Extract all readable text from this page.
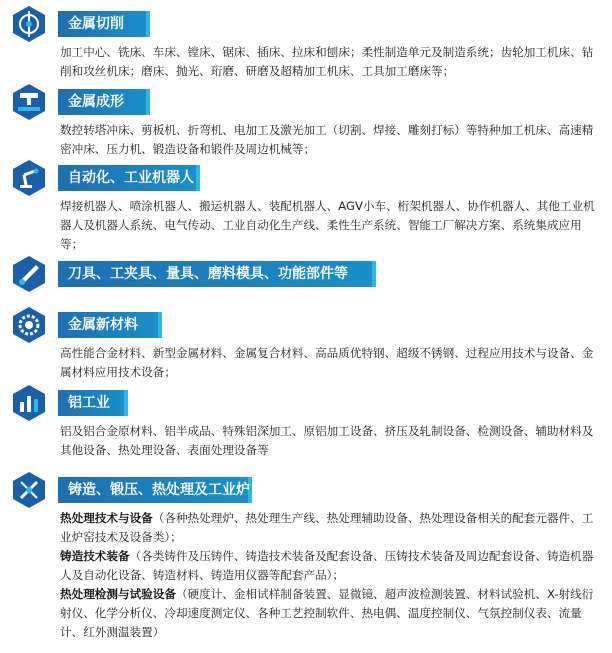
金属切削

加工中心、铣床、车床、镗床、锯床、插床、拉床和刨床；柔性制造单元及制造系统；齿轮加工机床、钻削和攻丝机床；磨床、抛光、珩磨、研磨及超精加工机床、工具加工磨床等；

金属成形

数控转塔冲床、剪板机、折弯机、电加工及激光加工（切割、焊接、雕刻打标）等特种加工机床、高速精密冲床、压力机、锻造设备和锻件及周边机械等；

自动化、工业机器人

焊接机器人、喷涂机器人、搬运机器人、装配机器人、AGV小车、桁架机器人、协作机器人、其他工业机器人及机器人系统、电气传动、工业自动化生产线、柔性生产系统、智能工厂解决方案、系统集成应用等；

刀具、工夹具、量具、磨料模具、功能部件等
金属新材料

高性能合金材料、新型金属材料、金属复合材料、高品质优特钢、超级不锈钢、过程应用技术与设备、金属材料应用技术设备；

铝工业

铝及铝合金原材料、铝半成品、特殊铝深加工、原铝加工设备、挤压及轧制设备、检测设备、辅助材料及其他设备、热处理设备、表面处理设备等

铸造、锻压、热处理及工业炉

热处理技术与设备（各种热处理炉、热处理生产线、热处理辅助设备、热处理设备相关的配套元器件、工业炉窑技术及设备类）；

铸造技术装备（各类铸件及压铸件、铸造技术装备及配套设备、压铸技术装备及周边配套设备、铸造机器人及自动化设备、铸造材料、铸造用仪器等配套产品）；

热处理检测与试验设备（硬度计、金相试样制备装置、显微镜、超声波检测装置、材料试验机、X-射线衍射仪、化学分析仪、冷却速度测定仪、各种工艺控制软件、热电偶、温度控制仪、气氛控制仪表、流量计、红外测温装置）
